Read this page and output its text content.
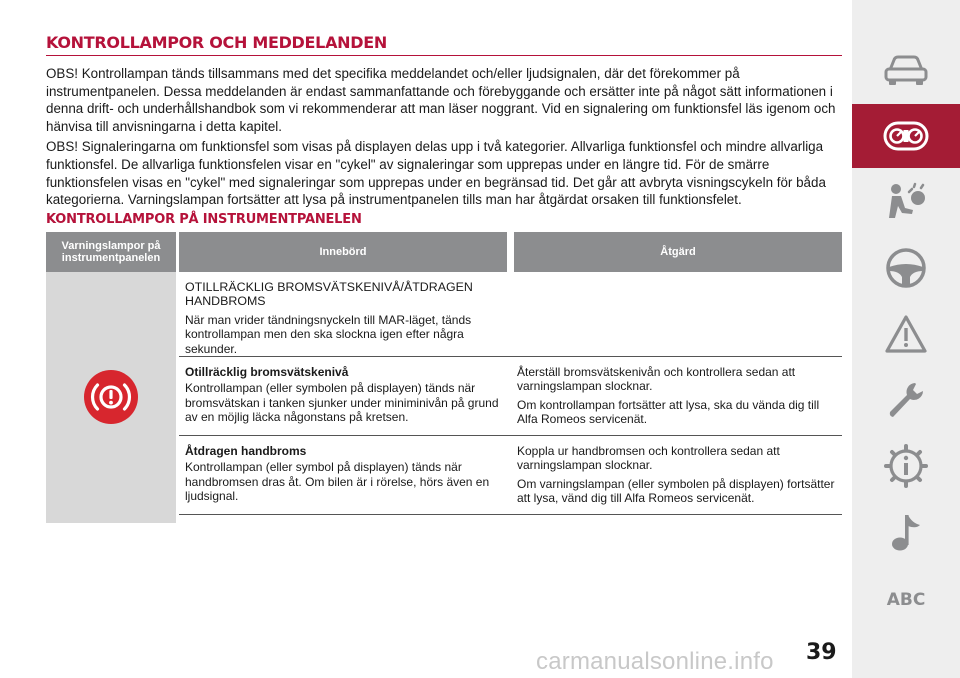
KONTROLLAMPOR OCH MEDDELANDEN

OBS! Kontrollampan tänds tillsammans med det specifika meddelandet och/eller ljudsignalen, där det förekommer på instrumentpanelen. Dessa meddelanden är endast sammanfattande och förebyggande och ersätter inte på något sätt informationen i denna drift- och underhållshandbok som vi rekommenderar att man läser noggrant. Vid en signalering om funktionsfel läs igenom och hänvisa till anvisningarna i detta kapitel.

OBS! Signaleringarna om funktionsfel som visas på displayen delas upp i två kategorier. Allvarliga funktionsfel och mindre allvarliga funktionsfel. De allvarliga funktionsfelen visar en "cykel" av signaleringar som upprepas under en längre tid. För de smärre funktionsfelen visas en "cykel" med signaleringar som upprepas under en begränsad tid. Det går att avbryta visningscykeln för båda kategorierna. Varningslampan fortsätter att lysa på instrumentpanelen tills man har åtgärdat orsaken till funktionsfelet.

KONTROLLAMPOR PÅ INSTRUMENTPANELEN
Varningslampor på instrumentpanelen	Innebörd	Åtgärd

OTILLRÄCKLIG BROMSVÄTSKENIVÅ/ÅTDRAGEN HANDBROMS

När man vrider tändningsnyckeln till MAR-läget, tänds kontrollampan men den ska slockna igen efter några sekunder.

Otillräcklig bromsvätskenivå

Kontrollampan (eller symbolen på displayen) tänds när bromsvätskan i tanken sjunker under miniminivån på grund av en möjlig läcka någonstans på kretsen.

Återställ bromsvätskenivån och kontrollera sedan att varningslampan slocknar.

Om kontrollampan fortsätter att lysa, ska du vända dig till Alfa Romeos servicenät.

Åtdragen handbroms

Kontrollampan (eller symbol på displayen) tänds när handbromsen dras åt. Om bilen är i rörelse, hörs även en ljudsignal.

Koppla ur handbromsen och kontrollera sedan att varningslampan slocknar.

Om varningslampan (eller symbolen på displayen) fortsätter att lysa, vänd dig till Alfa Romeos servicenät.

ABC
39
carmanualsonline.info
